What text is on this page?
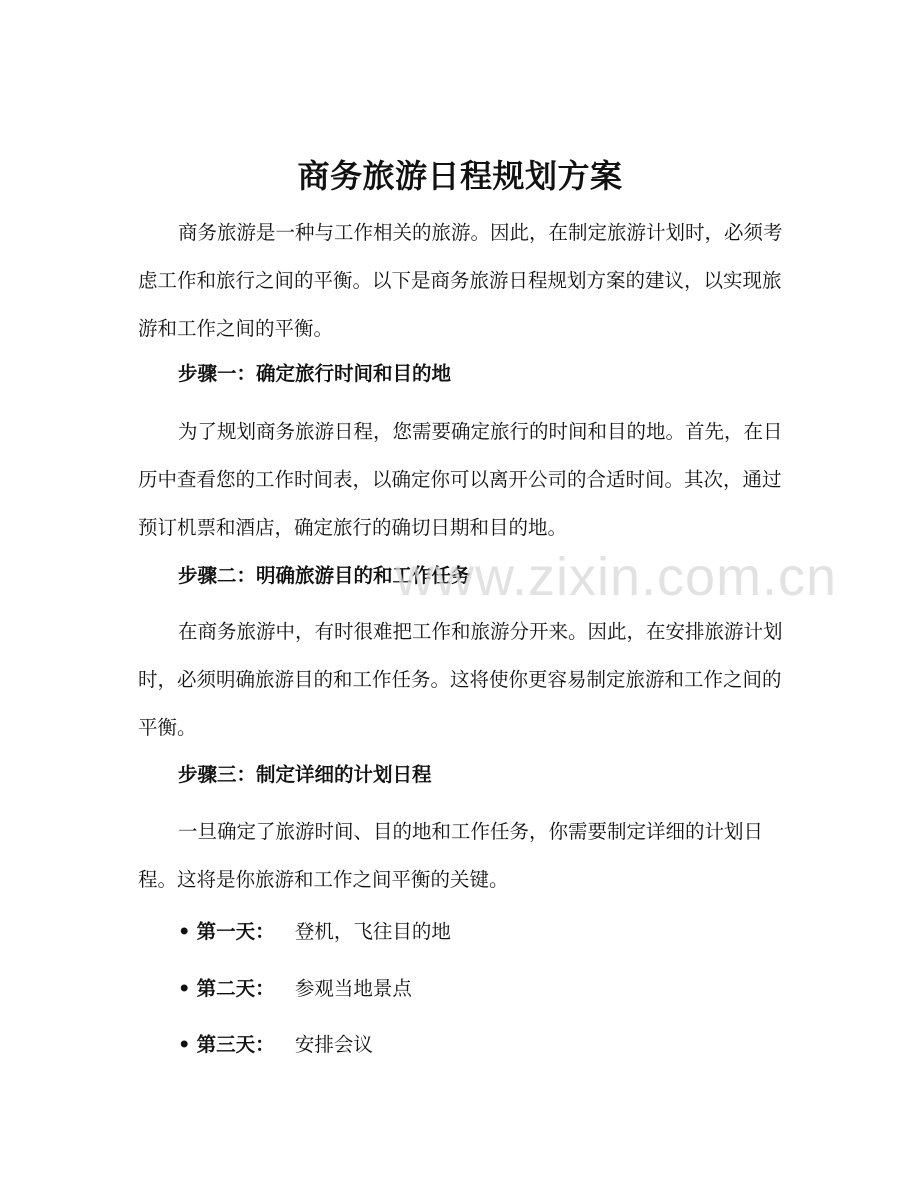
商务旅游日程规划方案

商务旅游是一种与工作相关的旅游。因此，在制定旅游计划时，必须考虑工作和旅行之间的平衡。以下是商务旅游日程规划方案的建议，以实现旅游和工作之间的平衡。

步骤一：确定旅行时间和目的地

为了规划商务旅游日程，您需要确定旅行的时间和目的地。首先，在日历中查看您的工作时间表，以确定你可以离开公司的合适时间。其次，通过预订机票和酒店，确定旅行的确切日期和目的地。

步骤二：明确旅游目的和工作任务

在商务旅游中，有时很难把工作和旅游分开来。因此，在安排旅游计划时，必须明确旅游目的和工作任务。这将使你更容易制定旅游和工作之间的平衡。

步骤三：制定详细的计划日程

一旦确定了旅游时间、目的地和工作任务，你需要制定详细的计划日程。这将是你旅游和工作之间平衡的关键。

• 第一天： 登机，飞往目的地
• 第二天： 参观当地景点
• 第三天： 安排会议
www.zixin.com.cn
